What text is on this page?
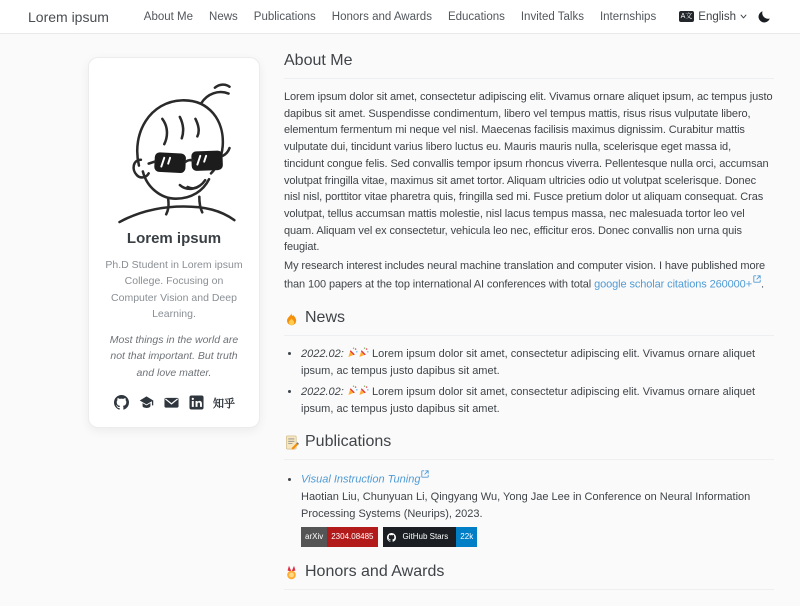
Lorem ipsum	About Me	News	Publications	Honors and Awards	Educations	Invited Talks	Internships	A文 English
Lorem ipsum
Ph.D Student in Lorem ipsum College. Focusing on Computer Vision and Deep Learning.
Most things in the world are not that important. But truth and love matter.
知乎
About Me

Lorem ipsum dolor sit amet, consectetur adipiscing elit. Vivamus ornare aliquet ipsum, ac tempus justo dapibus sit amet. Suspendisse condimentum, libero vel tempus mattis, risus risus vulputate libero, elementum fermentum mi neque vel nisl. Maecenas facilisis maximus dignissim. Curabitur mattis vulputate dui, tincidunt varius libero luctus eu. Mauris mauris nulla, scelerisque eget massa id, tincidunt congue felis. Sed convallis tempor ipsum rhoncus viverra. Pellentesque nulla orci, accumsan volutpat fringilla vitae, maximus sit amet tortor. Aliquam ultricies odio ut volutpat scelerisque. Donec nisl nisl, porttitor vitae pharetra quis, fringilla sed mi. Fusce pretium dolor ut aliquam consequat. Cras volutpat, tellus accumsan mattis molestie, nisl lacus tempus massa, nec malesuada tortor leo vel quam. Aliquam vel ex consectetur, vehicula leo nec, efficitur eros. Donec convallis non urna quis feugiat.

My research interest includes neural machine translation and computer vision. I have published more than 100 papers at the top international AI conferences with total google scholar citations 260000+ .

News
• 2022.02:	Lorem ipsum dolor sit amet, consectetur adipiscing elit. Vivamus ornare aliquet ipsum, ac tempus justo dapibus sit amet.
• 2022.02:	Lorem ipsum dolor sit amet, consectetur adipiscing elit. Vivamus ornare aliquet ipsum, ac tempus justo dapibus sit amet.
Publications
• Visual Instruction Tuning
Haotian Liu, Chunyuan Li, Qingyang Wu, Yong Jae Lee in Conference on Neural Information Processing Systems (Neurips), 2023.
arXiv	2304.08485	GitHub Stars	22k
Honors and Awards
